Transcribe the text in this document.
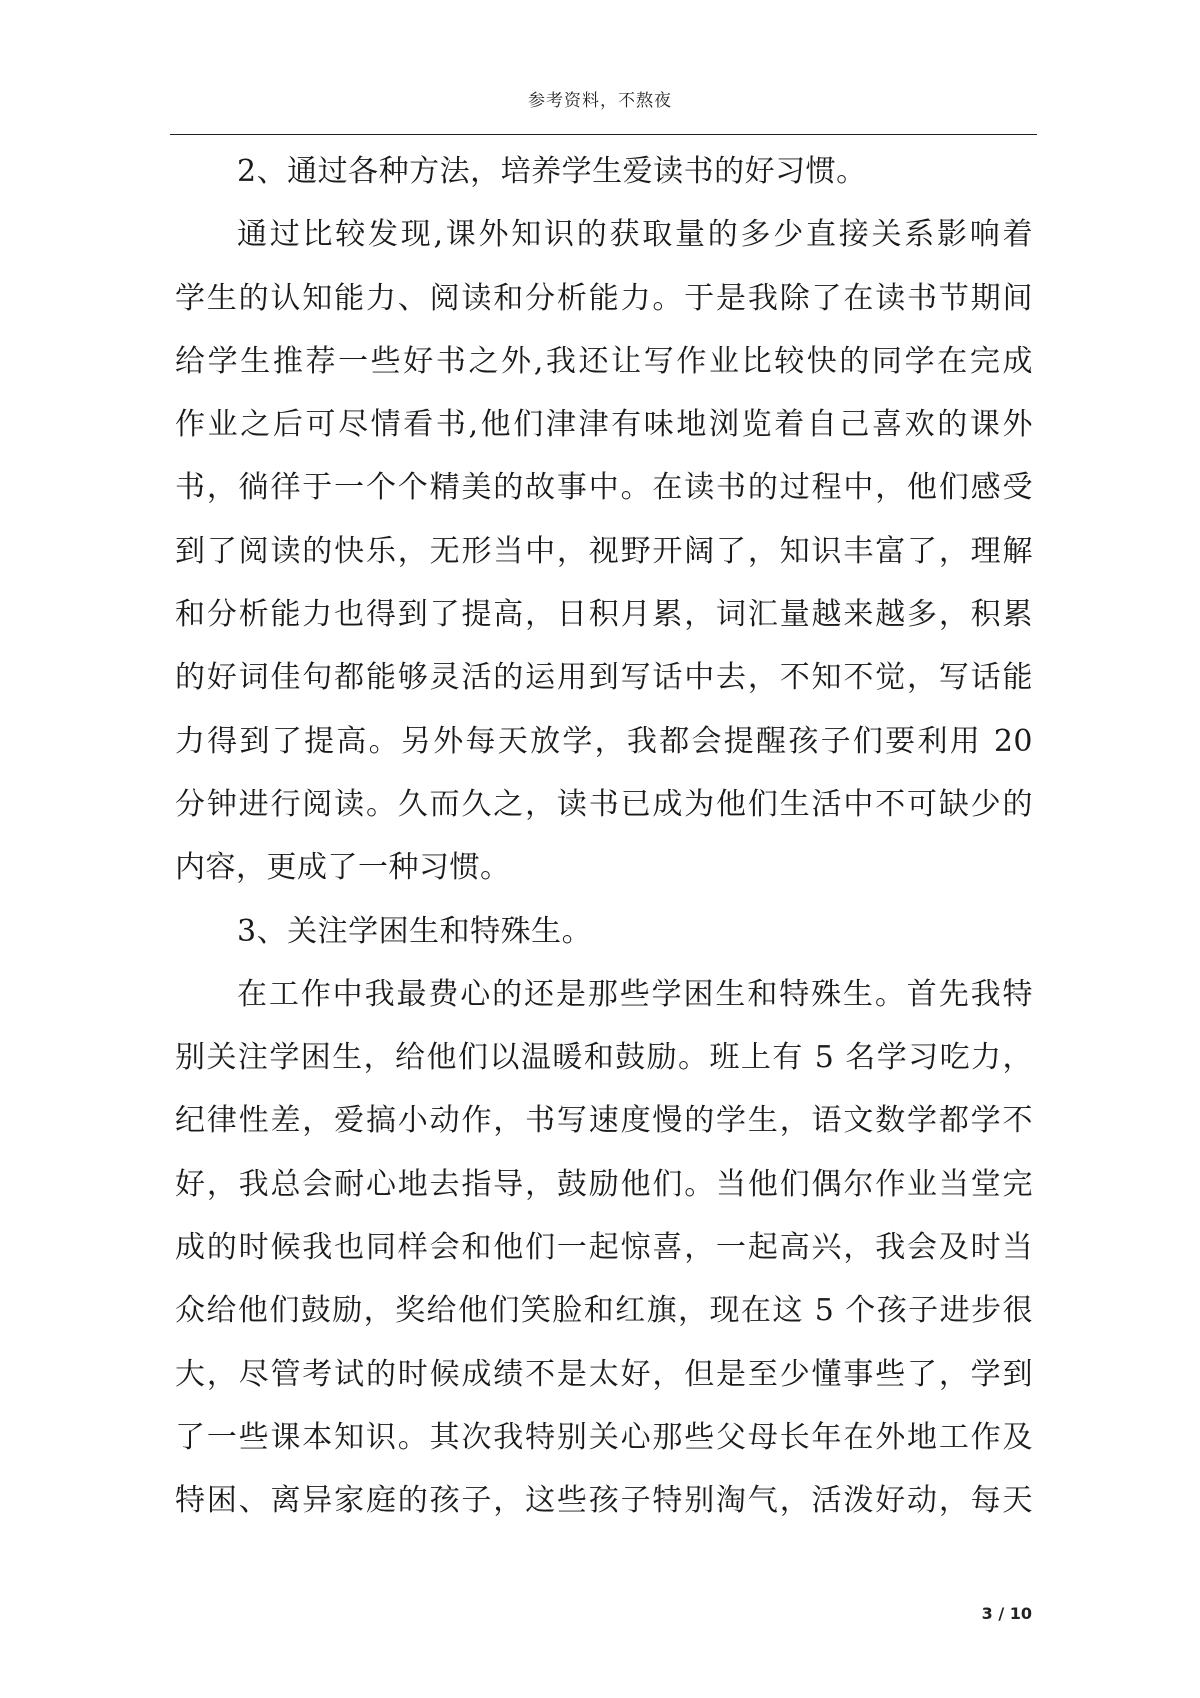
参考资料，不熬夜
2、通过各种方法，培养学生爱读书的好习惯。
通过比较发现,课外知识的获取量的多少直接关系影响着
学生的认知能力、阅读和分析能力。于是我除了在读书节期间
给学生推荐一些好书之外,我还让写作业比较快的同学在完成
作业之后可尽情看书,他们津津有味地浏览着自己喜欢的课外
书，徜徉于一个个精美的故事中。在读书的过程中，他们感受
到了阅读的快乐，无形当中，视野开阔了，知识丰富了，理解
和分析能力也得到了提高，日积月累，词汇量越来越多，积累
的好词佳句都能够灵活的运用到写话中去，不知不觉，写话能
力得到了提高。另外每天放学，我都会提醒孩子们要利用 20
分钟进行阅读。久而久之，读书已成为他们生活中不可缺少的
内容，更成了一种习惯。
3、关注学困生和特殊生。
在工作中我最费心的还是那些学困生和特殊生。首先我特
别关注学困生，给他们以温暖和鼓励。班上有 5 名学习吃力，
纪律性差，爱搞小动作，书写速度慢的学生，语文数学都学不
好，我总会耐心地去指导，鼓励他们。当他们偶尔作业当堂完
成的时候我也同样会和他们一起惊喜，一起高兴，我会及时当
众给他们鼓励，奖给他们笑脸和红旗，现在这 5 个孩子进步很
大，尽管考试的时候成绩不是太好，但是至少懂事些了，学到
了一些课本知识。其次我特别关心那些父母长年在外地工作及
特困、离异家庭的孩子，这些孩子特别淘气，活泼好动，每天
3 / 10
